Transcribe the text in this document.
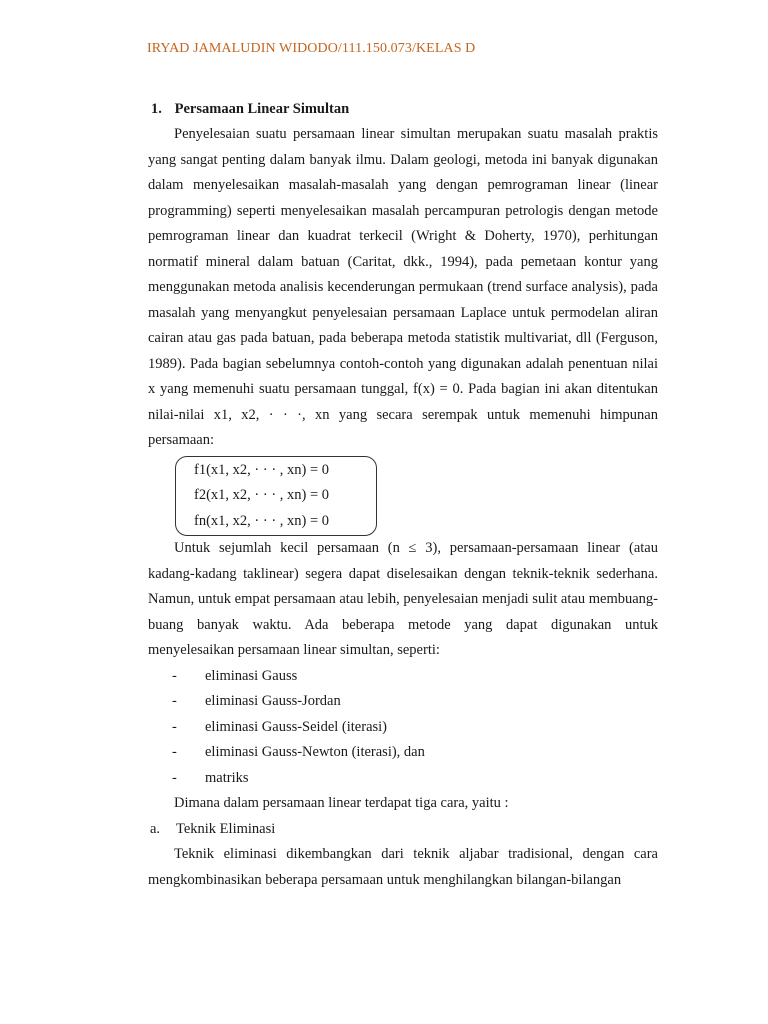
IRYAD JAMALUDIN WIDODO/111.150.073/KELAS D
1. Persamaan Linear Simultan

Penyelesaian suatu persamaan linear simultan merupakan suatu masalah praktis yang sangat penting dalam banyak ilmu. Dalam geologi, metoda ini banyak digunakan dalam menyelesaikan masalah-masalah yang dengan pemrograman linear (linear programming) seperti menyelesaikan masalah percampuran petrologis dengan metode pemrograman linear dan kuadrat terkecil (Wright & Doherty, 1970), perhitungan normatif mineral dalam batuan (Caritat, dkk., 1994), pada pemetaan kontur yang menggunakan metoda analisis kecenderungan permukaan (trend surface analysis), pada masalah yang menyangkut penyelesaian persamaan Laplace untuk permodelan aliran cairan atau gas pada batuan, pada beberapa metoda statistik multivariat, dll (Ferguson, 1989). Pada bagian sebelumnya contoh-contoh yang digunakan adalah penentuan nilai x yang memenuhi suatu persamaan tunggal, f(x) = 0. Pada bagian ini akan ditentukan nilai-nilai x1, x2, · · ·, xn yang secara serempak untuk memenuhi himpunan persamaan:

f1(x1, x2, · · · , xn) = 0
f2(x1, x2, · · · , xn) = 0
fn(x1, x2, · · · , xn) = 0

Untuk sejumlah kecil persamaan (n ≤ 3), persamaan-persamaan linear (atau kadang-kadang taklinear) segera dapat diselesaikan dengan teknik-teknik sederhana. Namun, untuk empat persamaan atau lebih, penyelesaian menjadi sulit atau membuang-buang banyak waktu. Ada beberapa metode yang dapat digunakan untuk menyelesaikan persamaan linear simultan, seperti:

-	eliminasi Gauss
-	eliminasi Gauss-Jordan
-	eliminasi Gauss-Seidel (iterasi)
-	eliminasi Gauss-Newton (iterasi), dan
-	matriks

Dimana dalam persamaan linear terdapat tiga cara, yaitu :

a.	Teknik Eliminasi

Teknik eliminasi dikembangkan dari teknik aljabar tradisional, dengan cara mengkombinasikan beberapa persamaan untuk menghilangkan bilangan-bilangan
